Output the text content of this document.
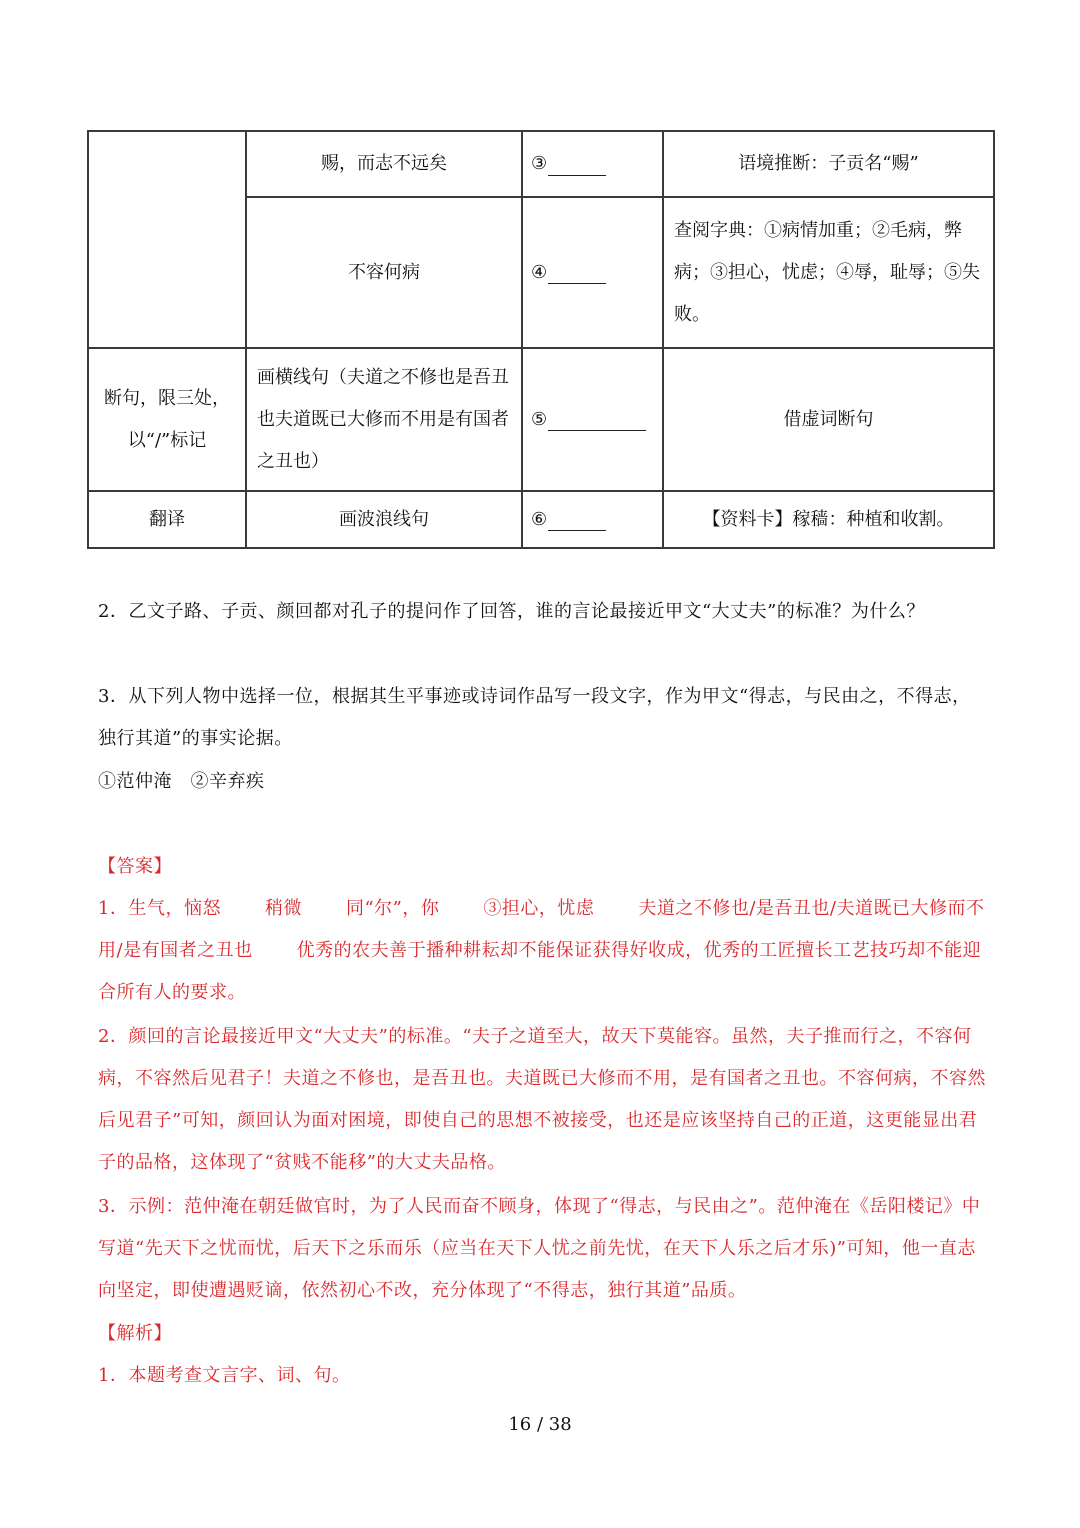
	赐，而志不远矣	③	语境推断：子贡名“赐”
	不容何病	④	查阅字典：①病情加重；②毛病，弊病；③担心，忧虑；④辱，耻辱；⑤失败。
断句，限三处，以“/”标记	画横线句（夫道之不修也是吾丑也夫道既已大修而不用是有国者之丑也）	⑤	借虚词断句
翻译	画波浪线句	⑥	【资料卡】稼穑：种植和收割。

2．乙文子路、子贡、颜回都对孔子的提问作了回答，谁的言论最接近甲文“大丈夫”的标准？为什么？

3．从下列人物中选择一位，根据其生平事迹或诗词作品写一段文字，作为甲文“得志，与民由之，不得志，独行其道”的事实论据。

①范仲淹　②辛弃疾

【答案】

1．生气，恼怒 稍微 同“尔”，你 ③担心，忧虑 夫道之不修也/是吾丑也/夫道既已大修而不用/是有国者之丑也 优秀的农夫善于播种耕耘却不能保证获得好收成，优秀的工匠擅长工艺技巧却不能迎合所有人的要求。

2．颜回的言论最接近甲文“大丈夫”的标准。“夫子之道至大，故天下莫能容。虽然，夫子推而行之，不容何病，不容然后见君子！夫道之不修也，是吾丑也。夫道既已大修而不用，是有国者之丑也。不容何病，不容然后见君子”可知，颜回认为面对困境，即使自己的思想不被接受，也还是应该坚持自己的正道，这更能显出君子的品格，这体现了“贫贱不能移”的大丈夫品格。

3．示例：范仲淹在朝廷做官时，为了人民而奋不顾身，体现了“得志，与民由之”。范仲淹在《岳阳楼记》中写道“先天下之忧而忧，后天下之乐而乐（应当在天下人忧之前先忧，在天下人乐之后才乐)”可知，他一直志向坚定，即使遭遇贬谪，依然初心不改，充分体现了“不得志，独行其道”品质。

【解析】

1．本题考查文言字、词、句。

16 / 38
